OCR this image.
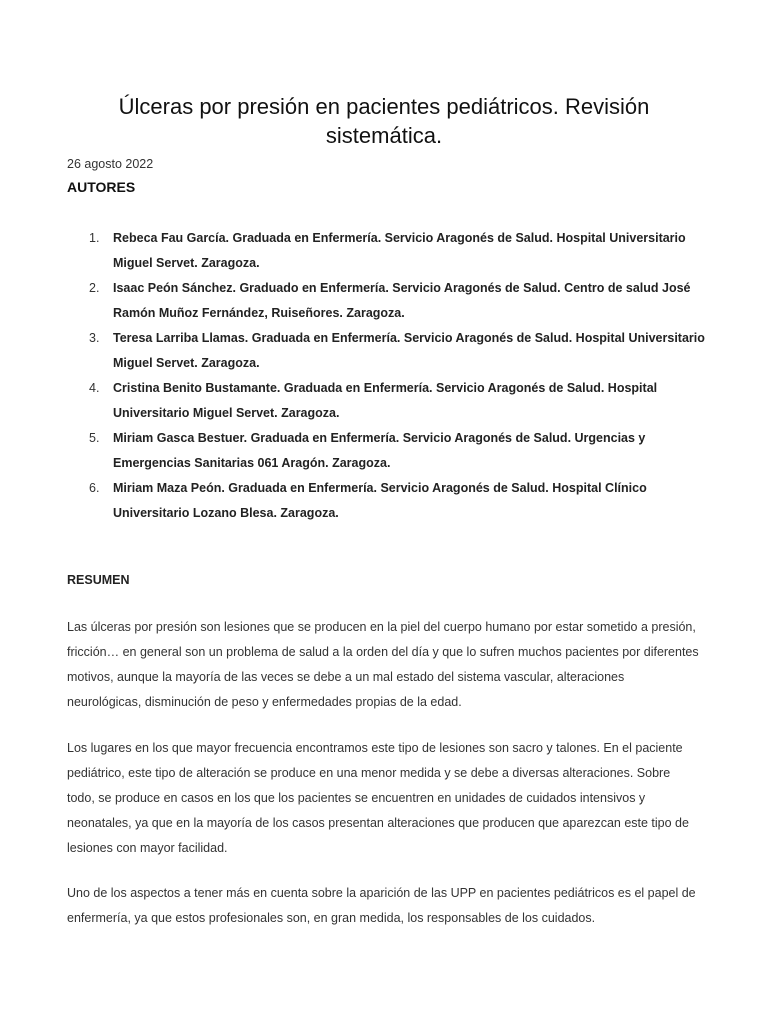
Úlceras por presión en pacientes pediátricos. Revisión sistemática.
26 agosto 2022
AUTORES
1. Rebeca Fau García. Graduada en Enfermería. Servicio Aragonés de Salud. Hospital Universitario Miguel Servet. Zaragoza.
2. Isaac Peón Sánchez. Graduado en Enfermería. Servicio Aragonés de Salud. Centro de salud José Ramón Muñoz Fernández, Ruiseñores. Zaragoza.
3. Teresa Larriba Llamas. Graduada en Enfermería. Servicio Aragonés de Salud. Hospital Universitario Miguel Servet. Zaragoza.
4. Cristina Benito Bustamante. Graduada en Enfermería. Servicio Aragonés de Salud. Hospital Universitario Miguel Servet. Zaragoza.
5. Miriam Gasca Bestuer. Graduada en Enfermería. Servicio Aragonés de Salud. Urgencias y Emergencias Sanitarias 061 Aragón. Zaragoza.
6. Miriam Maza Peón. Graduada en Enfermería. Servicio Aragonés de Salud. Hospital Clínico Universitario Lozano Blesa. Zaragoza.
RESUMEN

Las úlceras por presión son lesiones que se producen en la piel del cuerpo humano por estar sometido a presión, fricción… en general son un problema de salud a la orden del día y que lo sufren muchos pacientes por diferentes motivos, aunque la mayoría de las veces se debe a un mal estado del sistema vascular, alteraciones neurológicas, disminución de peso y enfermedades propias de la edad.

Los lugares en los que mayor frecuencia encontramos este tipo de lesiones son sacro y talones. En el paciente pediátrico, este tipo de alteración se produce en una menor medida y se debe a diversas alteraciones. Sobre todo, se produce en casos en los que los pacientes se encuentren en unidades de cuidados intensivos y neonatales, ya que en la mayoría de los casos presentan alteraciones que producen que aparezcan este tipo de lesiones con mayor facilidad.

Uno de los aspectos a tener más en cuenta sobre la aparición de las UPP en pacientes pediátricos es el papel de enfermería, ya que estos profesionales son, en gran medida, los responsables de los cuidados.
